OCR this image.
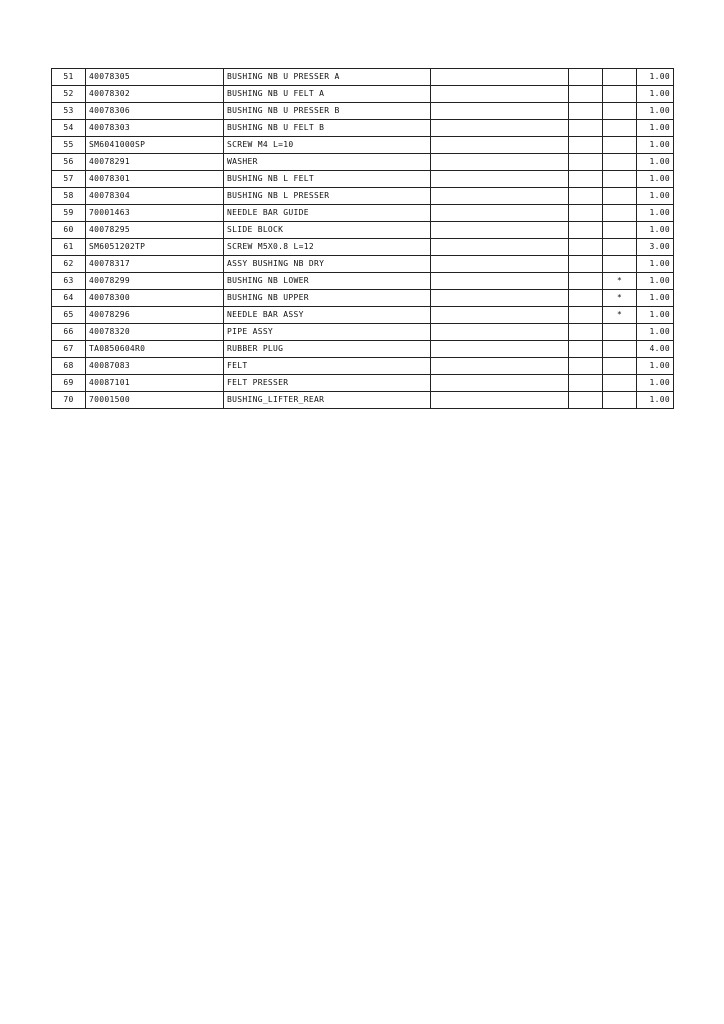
51	40078305	BUSHING NB U PRESSER A				1.00
52	40078302	BUSHING NB U FELT A				1.00
53	40078306	BUSHING NB U PRESSER B				1.00
54	40078303	BUSHING NB U FELT B				1.00
55	SM6041000SP	SCREW M4 L=10				1.00
56	40078291	WASHER				1.00
57	40078301	BUSHING NB L FELT				1.00
58	40078304	BUSHING NB L PRESSER				1.00
59	70001463	NEEDLE BAR GUIDE				1.00
60	40078295	SLIDE BLOCK				1.00
61	SM6051202TP	SCREW M5X0.8 L=12				3.00
62	40078317	ASSY BUSHING NB DRY				1.00
63	40078299	BUSHING NB LOWER			*	1.00
64	40078300	BUSHING NB UPPER			*	1.00
65	40078296	NEEDLE BAR ASSY			*	1.00
66	40078320	PIPE ASSY				1.00
67	TA0850604R0	RUBBER PLUG				4.00
68	40087083	FELT				1.00
69	40087101	FELT PRESSER				1.00
70	70001500	BUSHING_LIFTER_REAR				1.00
